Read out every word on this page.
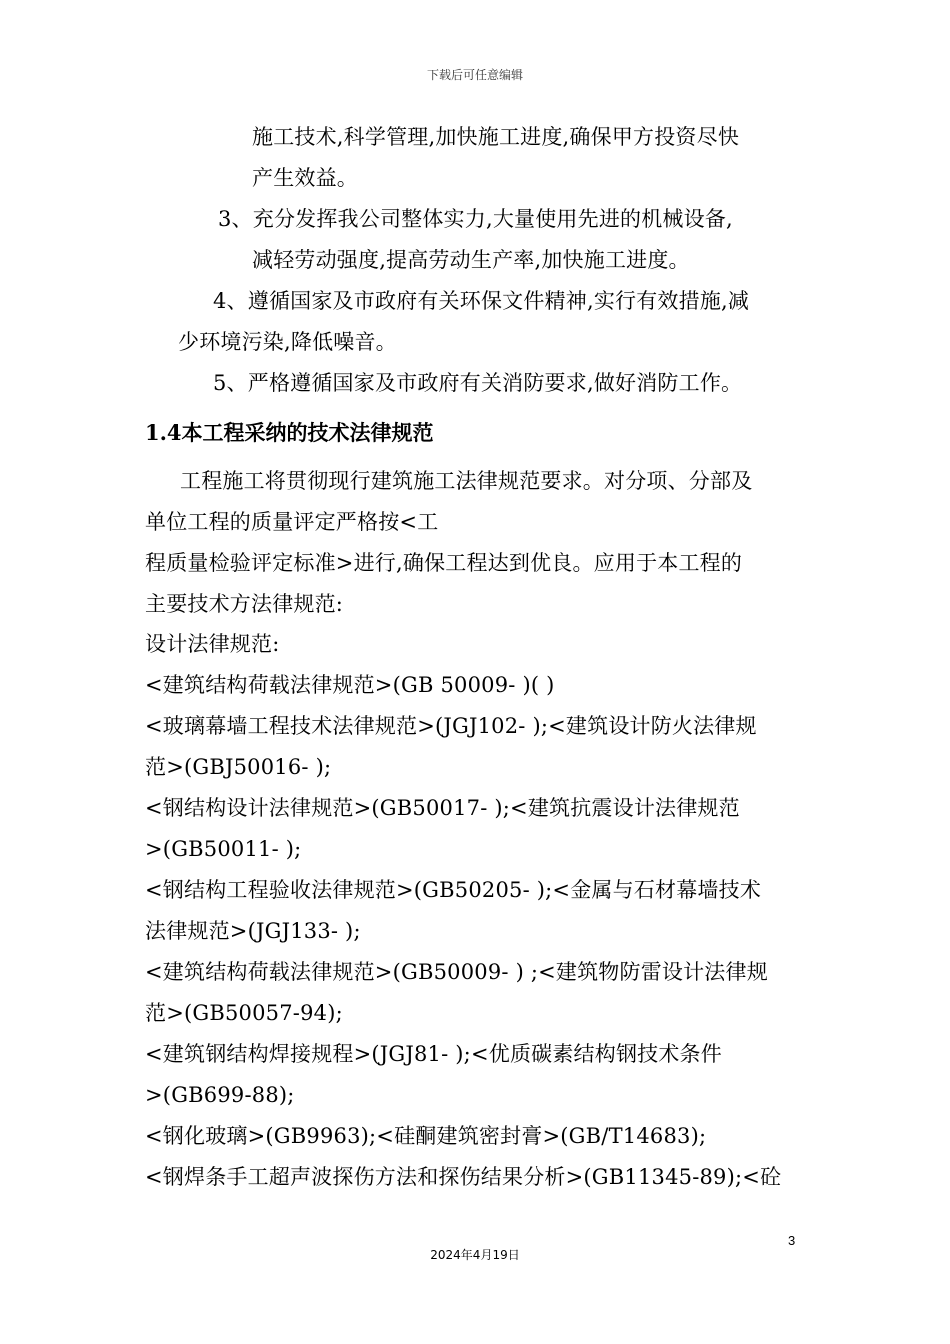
下载后可任意编辑
施工技术,科学管理,加快施工进度,确保甲方投资尽快
产生效益。
3、充分发挥我公司整体实力,大量使用先进的机械设备,
减轻劳动强度,提高劳动生产率,加快施工进度。
4、遵循国家及市政府有关环保文件精神,实行有效措施,减
少环境污染,降低噪音。
5、严格遵循国家及市政府有关消防要求,做好消防工作。
1.4本工程采纳的技术法律规范
工程施工将贯彻现行建筑施工法律规范要求。对分项、分部及
单位工程的质量评定严格按<工
程质量检验评定标准>进行,确保工程达到优良。应用于本工程的
主要技术方法律规范:
设计法律规范:
<建筑结构荷载法律规范>(GB 50009- )( )
<玻璃幕墙工程技术法律规范>(JGJ102- );<建筑设计防火法律规
范>(GBJ50016- );
<钢结构设计法律规范>(GB50017- );<建筑抗震设计法律规范
>(GB50011- );
<钢结构工程验收法律规范>(GB50205- );<金属与石材幕墙技术
法律规范>(JGJ133- );
<建筑结构荷载法律规范>(GB50009- ) ;<建筑物防雷设计法律规
范>(GB50057-94);
<建筑钢结构焊接规程>(JGJ81- );<优质碳素结构钢技术条件
>(GB699-88);
<钢化玻璃>(GB9963);<硅酮建筑密封膏>(GB/T14683);
<钢焊条手工超声波探伤方法和探伤结果分析>(GB11345-89);<砼
3
2024年4月19日
